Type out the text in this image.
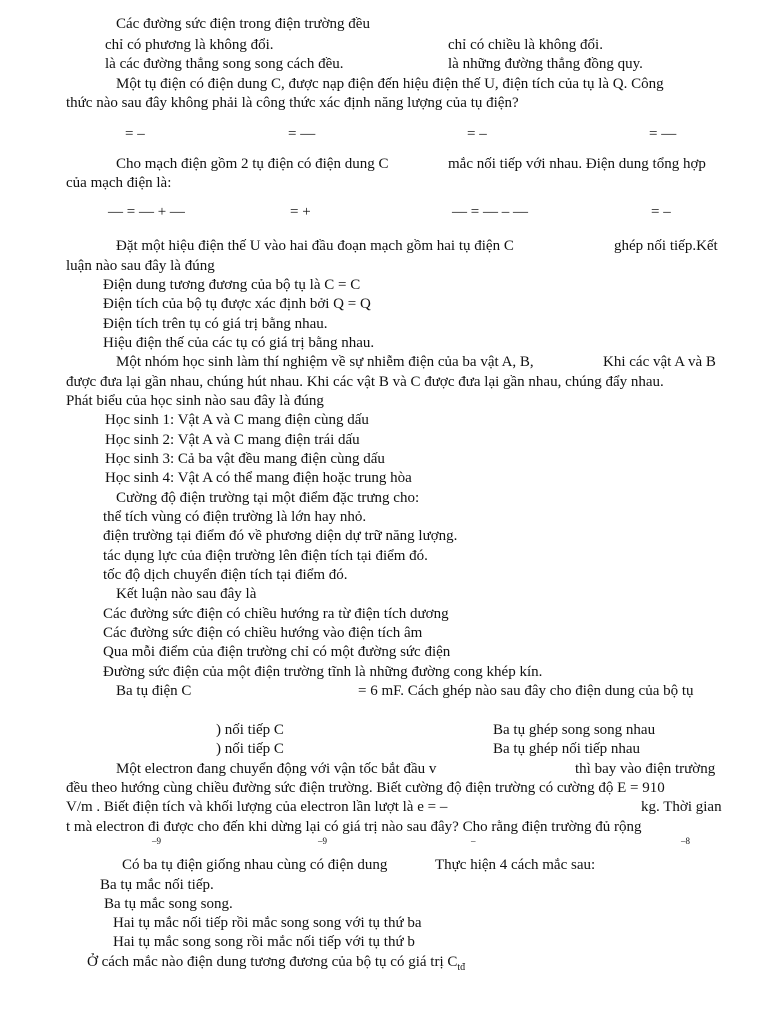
Các đường sức điện trong điện trường đều
chỉ có phương là không đổi.	chỉ có chiều là không đổi.
là các đường thẳng song song cách đều.	là những đường thẳng đồng quy.
Một tụ điện có điện dung C, được nạp điện đến hiệu điện thế U, điện tích của tụ là Q. Công
thức nào sau đây không phải là công thức xác định năng lượng của tụ điện?
= –	= —	= –	= —
Cho mạch điện gồm 2 tụ điện có điện dung C	mắc nối tiếp với nhau. Điện dung tổng hợp
của mạch điện là:
— = — + —	= +	— = — – —	= –
Đặt một hiệu điện thế U vào hai đầu đoạn mạch gồm hai tụ điện C	ghép nối tiếp.Kết
luận nào sau đây là đúng
Điện dung tương đương của bộ tụ là C = C
Điện tích của bộ tụ được xác định bởi Q = Q
Điện tích trên tụ có giá trị bằng nhau.
Hiệu điện thế của các tụ có giá trị bằng nhau.
Một nhóm học sinh làm thí nghiệm về sự nhiễm điện của ba vật A, B,	Khi các vật A và B
được đưa lại gần nhau, chúng hút nhau. Khi các vật B và C được đưa lại gần nhau, chúng đẩy nhau.
Phát biểu của học sinh nào sau đây là đúng
Học sinh 1: Vật A và C mang điện cùng dấu
Học sinh 2: Vật A và C mang điện trái dấu
Học sinh 3: Cả ba vật đều mang điện cùng dấu
Học sinh 4: Vật A có thể mang điện hoặc trung hòa
Cường độ điện trường tại một điểm đặc trưng cho:
thể tích vùng có điện trường là lớn hay nhỏ.
điện trường tại điểm đó về phương diện dự trữ năng lượng.
tác dụng lực của điện trường lên điện tích tại điểm đó.
tốc độ dịch chuyển điện tích tại điểm đó.
Kết luận nào sau đây là
Các đường sức điện có chiều hướng ra từ điện tích dương
Các đường sức điện có chiều hướng vào điện tích âm
Qua mỗi điểm của điện trường chỉ có một đường sức điện
Đường sức điện của một điện trường tĩnh là những đường cong khép kín.
Ba tụ điện C	= 6 mF. Cách ghép nào sau đây cho điện dung của bộ tụ
) nối tiếp C	Ba tụ ghép song song nhau
) nối tiếp C	Ba tụ ghép nối tiếp nhau
Một electron đang chuyển động với vận tốc bắt đầu v	thì bay vào điện trường
đều theo hướng cùng chiều đường sức điện trường. Biết cường độ điện trường có cường độ E = 910
V/m . Biết điện tích và khối lượng của electron lần lượt là e = –	kg. Thời gian
t mà electron đi được cho đến khi dừng lại có giá trị nào sau đây? Cho rằng điện trường đủ rộng
–9	–9	–	–8
Có ba tụ điện giống nhau cùng có điện dung	Thực hiện 4 cách mắc sau:
Ba tụ mắc nối tiếp.
Ba tụ mắc song song.
Hai tụ mắc nối tiếp rồi mắc song song với tụ thứ ba
Hai tụ mắc song song rồi mắc nối tiếp với tụ thứ b
Ở cách mắc nào điện dung tương đương của bộ tụ có giá trị $C_{tđ}$
